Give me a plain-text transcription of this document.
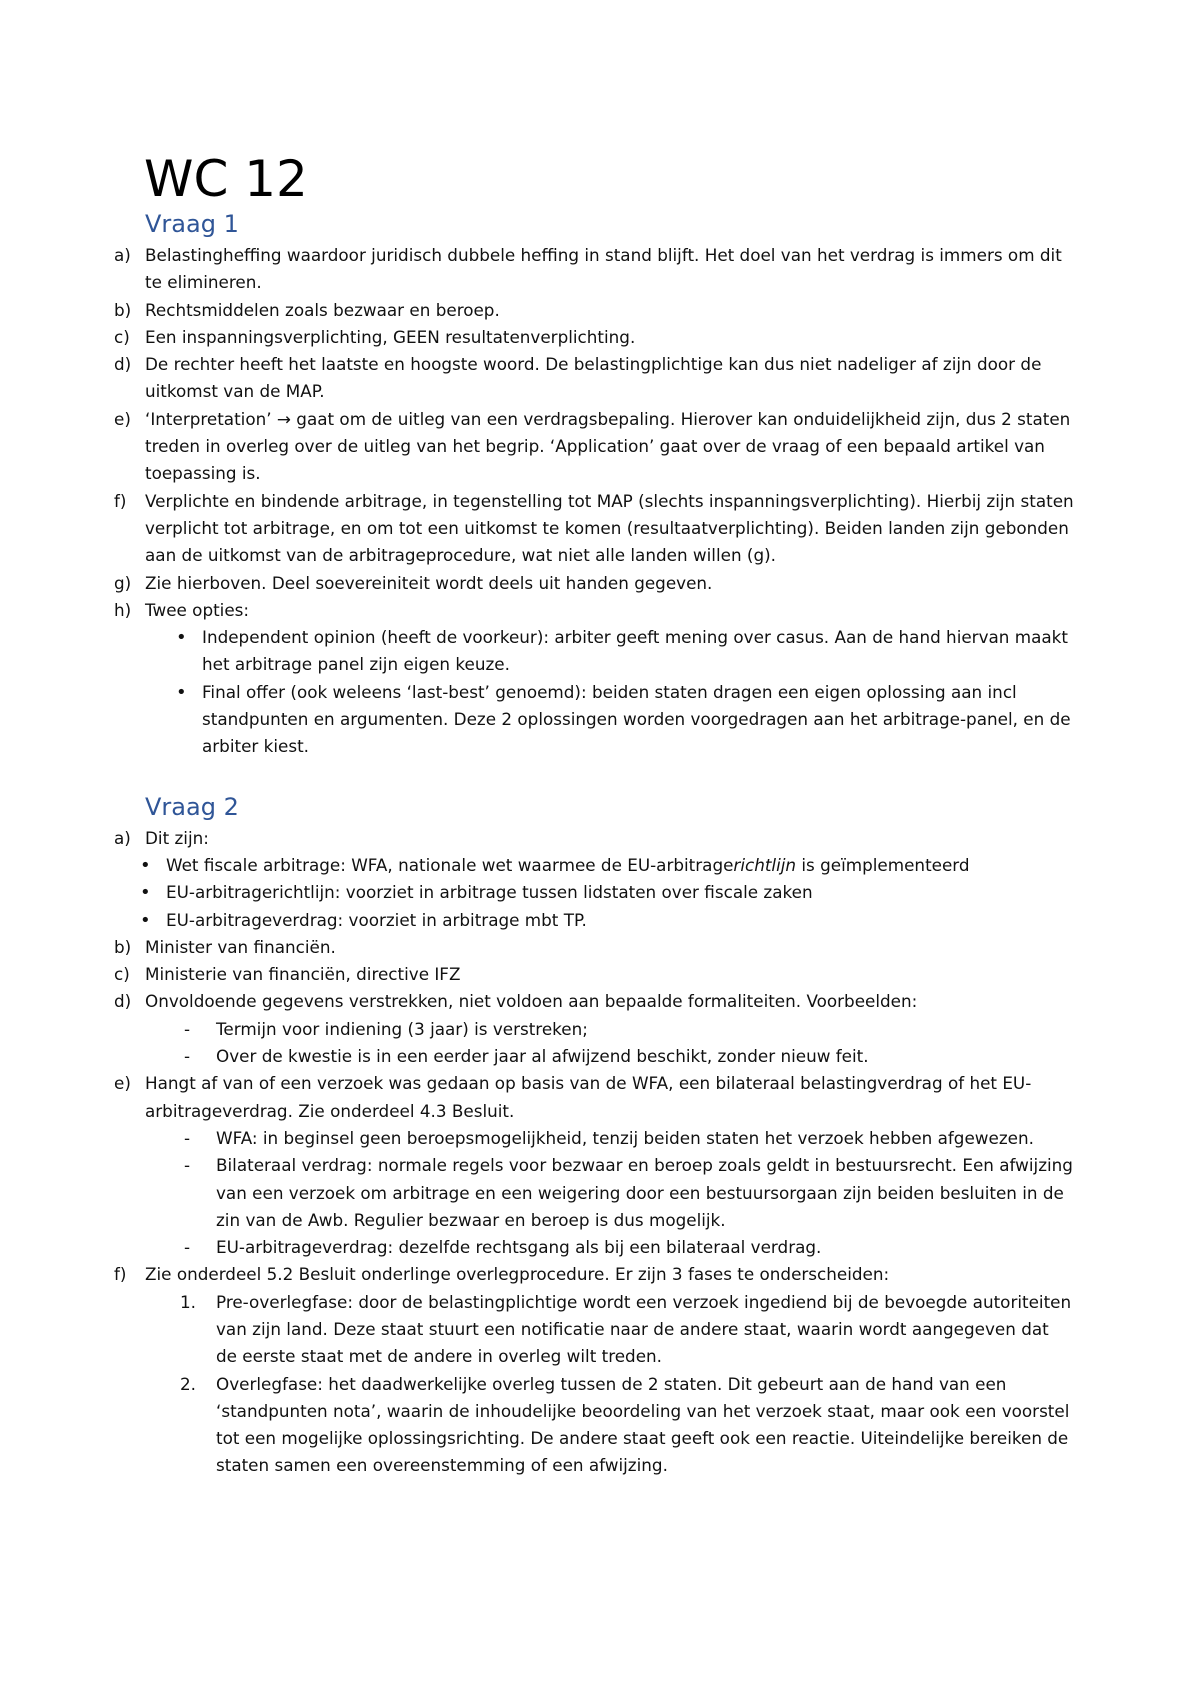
WC 12
Vraag 1
a) Belastingheffing waardoor juridisch dubbele heffing in stand blijft. Het doel van het verdrag is immers om dit te elimineren.
b) Rechtsmiddelen zoals bezwaar en beroep.
c) Een inspanningsverplichting, GEEN resultatenverplichting.
d) De rechter heeft het laatste en hoogste woord. De belastingplichtige kan dus niet nadeliger af zijn door de uitkomst van de MAP.
e) ‘Interpretation’ → gaat om de uitleg van een verdragsbepaling. Hierover kan onduidelijkheid zijn, dus 2 staten treden in overleg over de uitleg van het begrip. ‘Application’ gaat over de vraag of een bepaald artikel van toepassing is.
f) Verplichte en bindende arbitrage, in tegenstelling tot MAP (slechts inspanningsverplichting). Hierbij zijn staten verplicht tot arbitrage, en om tot een uitkomst te komen (resultaatverplichting). Beiden landen zijn gebonden aan de uitkomst van de arbitrageprocedure, wat niet alle landen willen (g).
g) Zie hierboven. Deel soevereiniteit wordt deels uit handen gegeven.
h) Twee opties:
• Independent opinion (heeft de voorkeur): arbiter geeft mening over casus. Aan de hand hiervan maakt het arbitrage panel zijn eigen keuze.
• Final offer (ook weleens ‘last-best’ genoemd): beiden staten dragen een eigen oplossing aan incl standpunten en argumenten. Deze 2 oplossingen worden voorgedragen aan het arbitrage-panel, en de arbiter kiest.
Vraag 2
a) Dit zijn:
• Wet fiscale arbitrage: WFA, nationale wet waarmee de EU-arbitragerichtlijn is geïmplementeerd
• EU-arbitragerichtlijn: voorziet in arbitrage tussen lidstaten over fiscale zaken
• EU-arbitrageverdrag: voorziet in arbitrage mbt TP.
b) Minister van financiën.
c) Ministerie van financiën, directive IFZ
d) Onvoldoende gegevens verstrekken, niet voldoen aan bepaalde formaliteiten. Voorbeelden:
- Termijn voor indiening (3 jaar) is verstreken;
- Over de kwestie is in een eerder jaar al afwijzend beschikt, zonder nieuw feit.
e) Hangt af van of een verzoek was gedaan op basis van de WFA, een bilateraal belastingverdrag of het EU-arbitrageverdrag. Zie onderdeel 4.3 Besluit.
- WFA: in beginsel geen beroepsmogelijkheid, tenzij beiden staten het verzoek hebben afgewezen.
- Bilateraal verdrag: normale regels voor bezwaar en beroep zoals geldt in bestuursrecht. Een afwijzing van een verzoek om arbitrage en een weigering door een bestuursorgaan zijn beiden besluiten in de zin van de Awb. Regulier bezwaar en beroep is dus mogelijk.
- EU-arbitrageverdrag: dezelfde rechtsgang als bij een bilateraal verdrag.
f) Zie onderdeel 5.2 Besluit onderlinge overlegprocedure. Er zijn 3 fases te onderscheiden:
1. Pre-overlegfase: door de belastingplichtige wordt een verzoek ingediend bij de bevoegde autoriteiten van zijn land. Deze staat stuurt een notificatie naar de andere staat, waarin wordt aangegeven dat de eerste staat met de andere in overleg wilt treden.
2. Overlegfase: het daadwerkelijke overleg tussen de 2 staten. Dit gebeurt aan de hand van een ‘standpunten nota’, waarin de inhoudelijke beoordeling van het verzoek staat, maar ook een voorstel tot een mogelijke oplossingsrichting. De andere staat geeft ook een reactie. Uiteindelijke bereiken de staten samen een overeenstemming of een afwijzing.
